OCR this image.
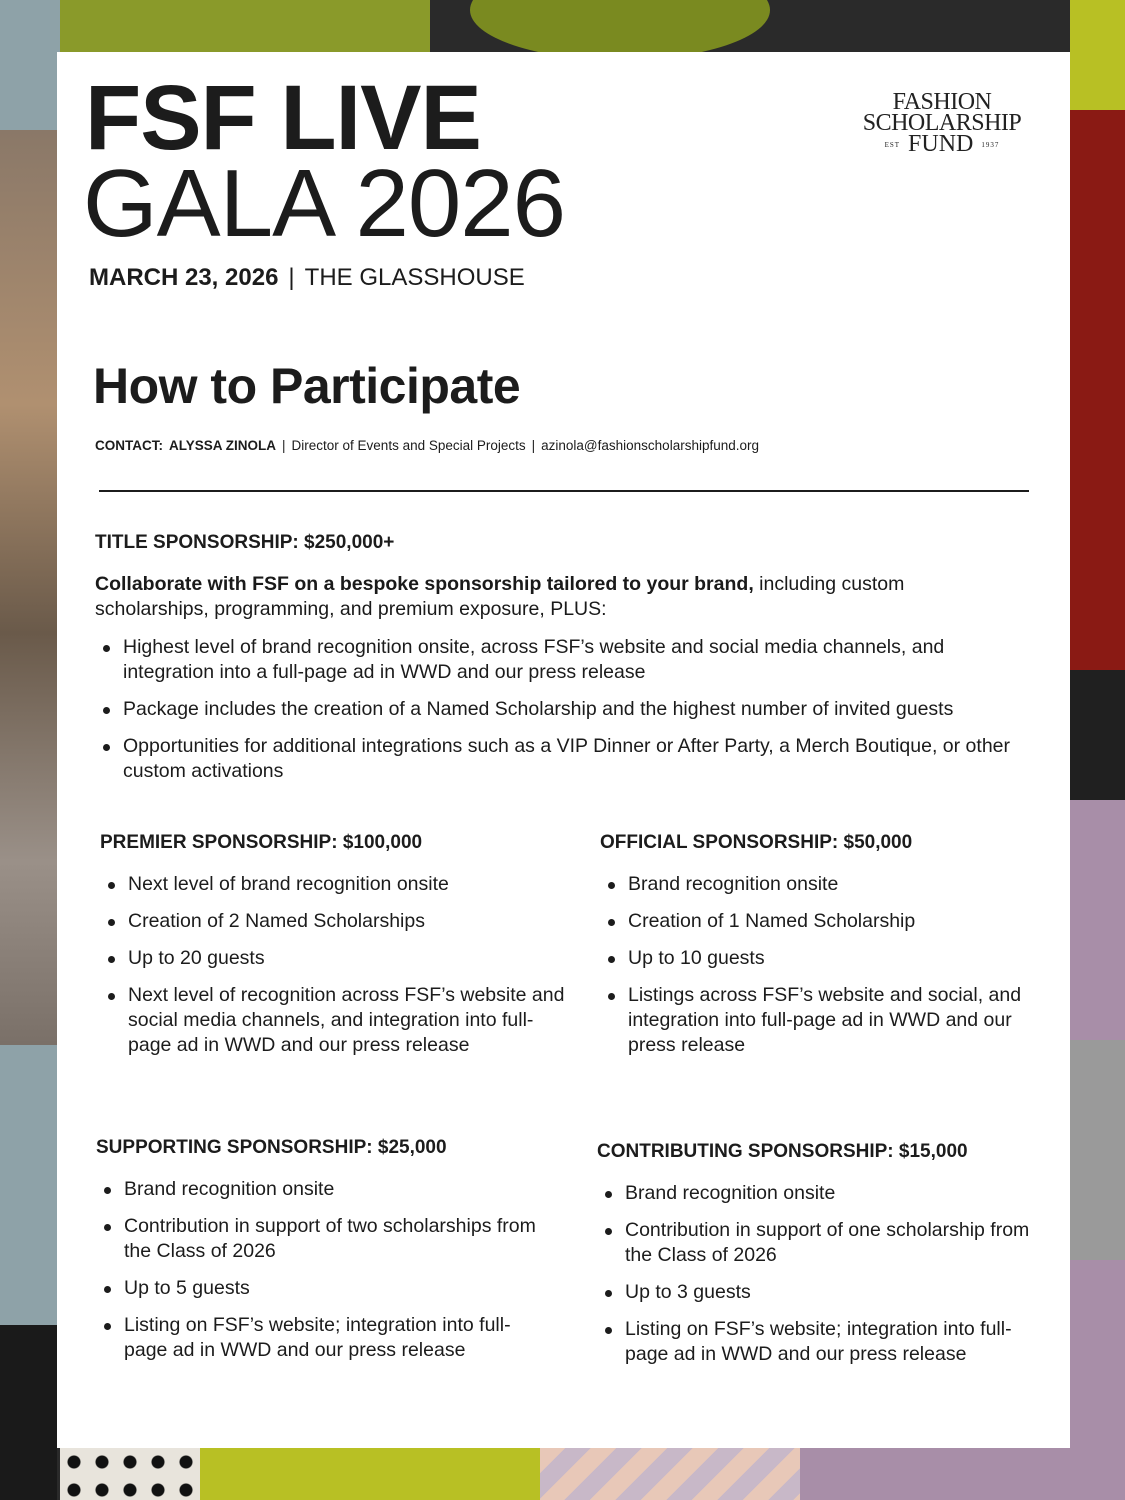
FSF LIVE
GALA 2026
MARCH 23, 2026 | THE GLASSHOUSE
FASHION
SCHOLARSHIP
EST FUND 1937
How to Participate
CONTACT: ALYSSA ZINOLA | Director of Events and Special Projects | azinola@fashionscholarshipfund.org
TITLE SPONSORSHIP: $250,000+
Collaborate with FSF on a bespoke sponsorship tailored to your brand, including custom scholarships, programming, and premium exposure, PLUS:
Highest level of brand recognition onsite, across FSF’s website and social media channels, and integration into a full-page ad in WWD and our press release
Package includes the creation of a Named Scholarship and the highest number of invited guests
Opportunities for additional integrations such as a VIP Dinner or After Party, a Merch Boutique, or other custom activations
PREMIER SPONSORSHIP: $100,000
Next level of brand recognition onsite
Creation of 2 Named Scholarships
Up to 20 guests
Next level of recognition across FSF’s website and social media channels, and integration into full-page ad in WWD and our press release
OFFICIAL SPONSORSHIP: $50,000
Brand recognition onsite
Creation of 1 Named Scholarship
Up to 10 guests
Listings across FSF’s website and social, and integration into full-page ad in WWD and our press release
SUPPORTING SPONSORSHIP: $25,000
Brand recognition onsite
Contribution in support of two scholarships from the Class of 2026
Up to 5 guests
Listing on FSF’s website; integration into full-page ad in WWD and our press release
CONTRIBUTING SPONSORSHIP: $15,000
Brand recognition onsite
Contribution in support of one scholarship from the Class of 2026
Up to 3 guests
Listing on FSF’s website; integration into full-page ad in WWD and our press release
